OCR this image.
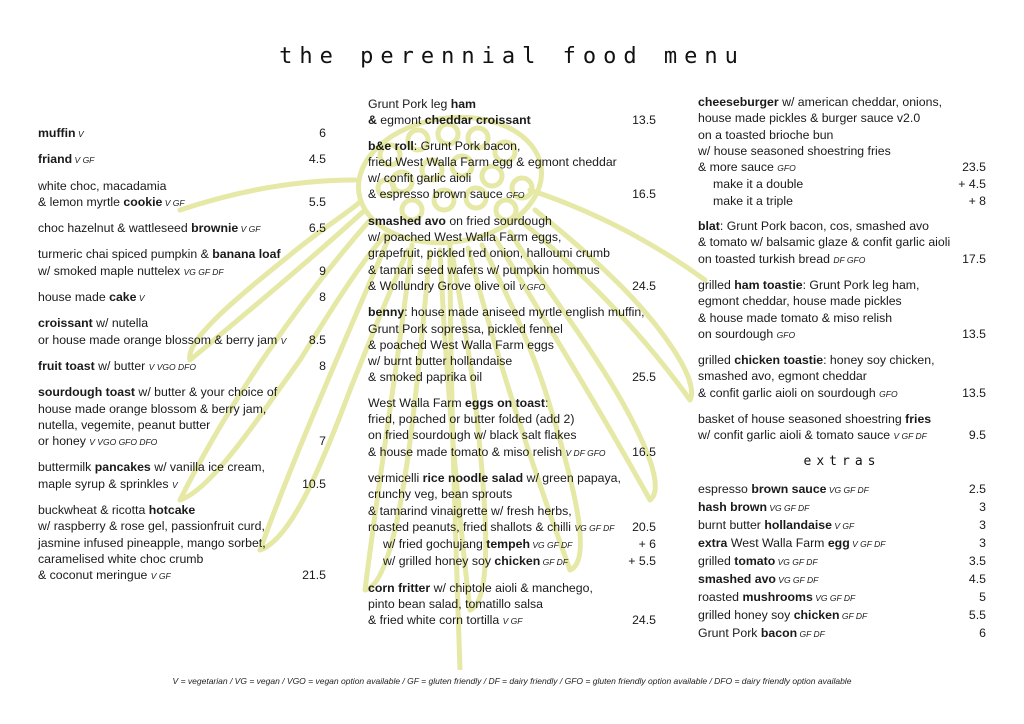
the perennial food menu
muffin V	6
friand V GF	4.5
white choc, macadamia
& lemon myrtle cookie V GF	5.5
choc hazelnut & wattleseed brownie V GF	6.5
turmeric chai spiced pumpkin & banana loaf
w/ smoked maple nuttelex VG GF DF	9
house made cake V	8
croissant w/ nutella
or house made orange blossom & berry jam V 8.5
fruit toast w/ butter V VGO DFO	8
sourdough toast w/ butter & your choice of
house made orange blossom & berry jam,
nutella, vegemite, peanut butter
or honey V VGO GFO DFO	7
buttermilk pancakes w/ vanilla ice cream,
maple syrup & sprinkles V	10.5
buckwheat & ricotta hotcake
w/ raspberry & rose gel, passionfruit curd,
jasmine infused pineapple, mango sorbet,
caramelised white choc crumb
& coconut meringue V GF	21.5
Grunt Pork leg ham
& egmont cheddar croissant	13.5
b&e roll: Grunt Pork bacon,
fried West Walla Farm egg & egmont cheddar
w/ confit garlic aioli
& espresso brown sauce GFO	16.5
smashed avo on fried sourdough
w/ poached West Walla Farm eggs,
grapefruit, pickled red onion, halloumi crumb
& tamari seed wafers w/ pumpkin hommus
& Wollundry Grove olive oil V GFO	24.5
benny: house made aniseed myrtle english muffin,
Grunt Pork sopressa, pickled fennel
& poached West Walla Farm eggs
w/ burnt butter hollandaise
& smoked paprika oil	25.5
West Walla Farm eggs on toast:
fried, poached or butter folded (add 2)
on fried sourdough w/ black salt flakes
& house made tomato & miso relish V DF GFO 16.5
vermicelli rice noodle salad w/ green papaya,
crunchy veg, bean sprouts
& tamarind vinaigrette w/ fresh herbs,
roasted peanuts, fried shallots & chilli VG GF DF 20.5
w/ fried gochujang tempeh VG GF DF	+ 6
w/ grilled honey soy chicken GF DF	+ 5.5
corn fritter w/ chiptole aioli & manchego,
pinto bean salad, tomatillo salsa
& fried white corn tortilla V GF	24.5
cheeseburger w/ american cheddar, onions,
house made pickles & burger sauce v2.0
on a toasted brioche bun
w/ house seasoned shoestring fries
& more sauce GFO	23.5
make it a double	+ 4.5
make it a triple	+ 8
blat: Grunt Pork bacon, cos, smashed avo
& tomato w/ balsamic glaze & confit garlic aioli
on toasted turkish bread DF GFO	17.5
grilled ham toastie: Grunt Pork leg ham,
egmont cheddar, house made pickles
& house made tomato & miso relish
on sourdough GFO	13.5
grilled chicken toastie: honey soy chicken,
smashed avo, egmont cheddar
& confit garlic aioli on sourdough GFO	13.5
basket of house seasoned shoestring fries
w/ confit garlic aioli & tomato sauce V GF DF	9.5
extras
espresso brown sauce VG GF DF	2.5
hash brown VG GF DF	3
burnt butter hollandaise V GF	3
extra West Walla Farm egg V GF DF	3
grilled tomato VG GF DF	3.5
smashed avo VG GF DF	4.5
roasted mushrooms VG GF DF	5
grilled honey soy chicken GF DF	5.5
Grunt Pork bacon GF DF	6
V = vegetarian / VG = vegan / VGO = vegan option available / GF = gluten friendly / DF = dairy friendly / GFO = gluten friendly option available / DFO = dairy friendly option available
